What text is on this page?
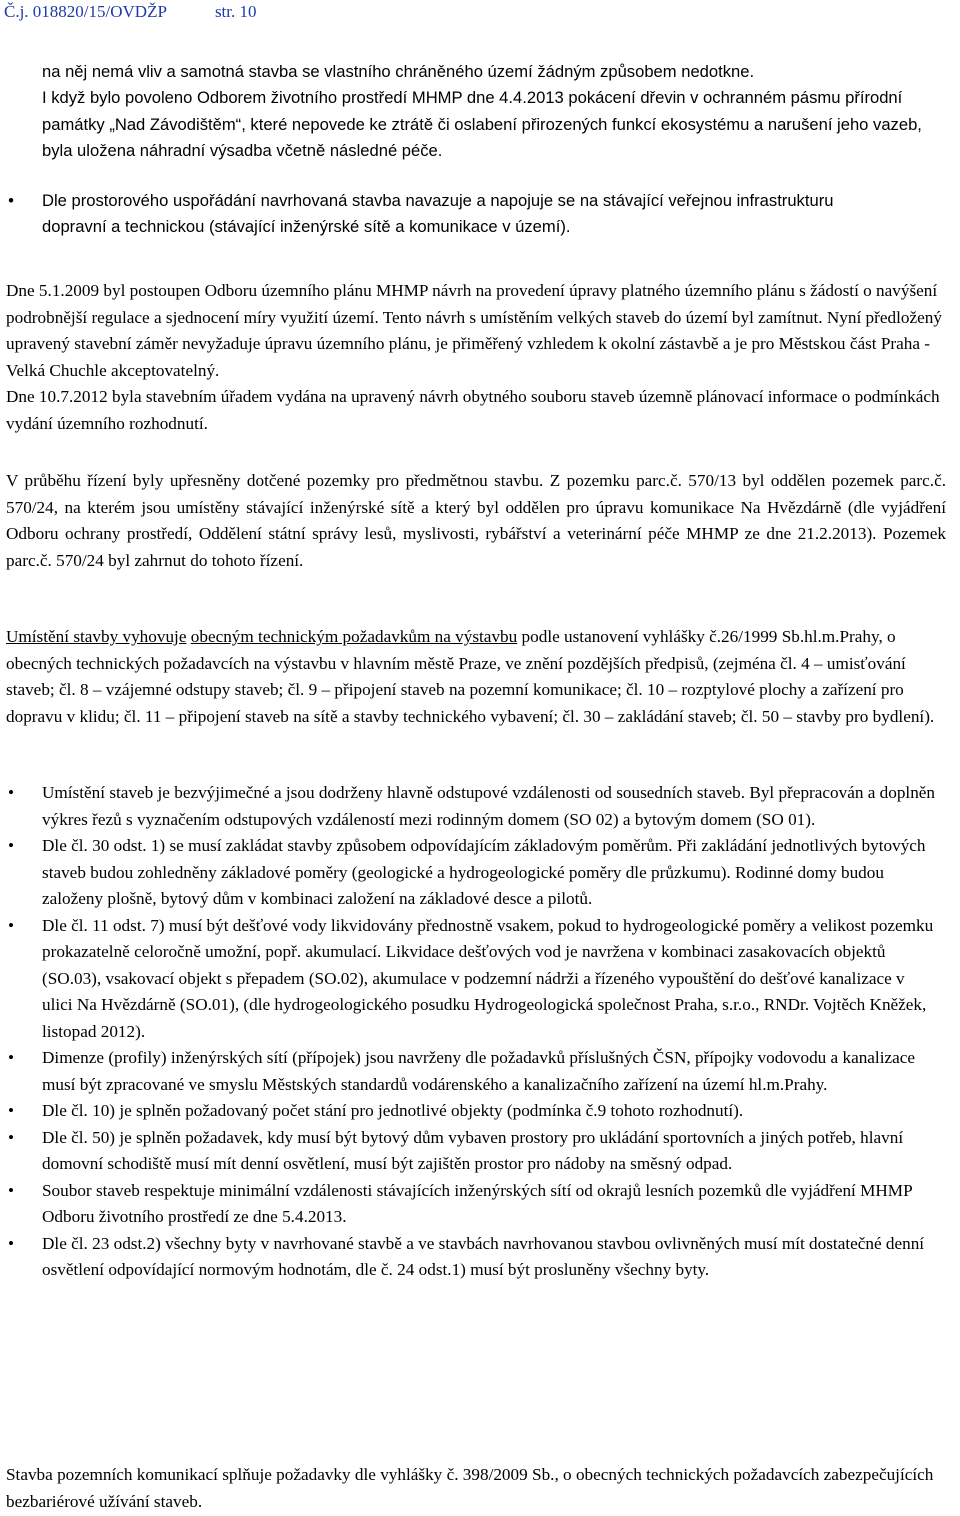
Č.j. 018820/15/OVDŽP	str. 10

na něj nemá vliv a samotná stavba se vlastního chráněného území žádným způsobem nedotkne.

I když bylo povoleno Odborem životního prostředí MHMP dne 4.4.2013 pokácení dřevin v ochranném pásmu přírodní památky „Nad Závodištěm“, které nepovede ke ztrátě či oslabení přirozených funkcí ekosystému a narušení jeho vazeb, byla uložena náhradní výsadba včetně následné péče.

• Dle prostorového uspořádání navrhovaná stavba navazuje a napojuje se na stávající veřejnou infrastrukturu dopravní a technickou (stávající inženýrské sítě a komunikace v území).

Dne 5.1.2009 byl postoupen Odboru územního plánu MHMP návrh na provedení úpravy platného územního plánu s žádostí o navýšení podrobnější regulace a sjednocení míry využití území. Tento návrh s umístěním velkých staveb do území byl zamítnut. Nyní předložený upravený stavební záměr nevyžaduje úpravu územního plánu, je přiměřený vzhledem k okolní zástavbě a je pro Městskou část Praha - Velká Chuchle akceptovatelný.

Dne 10.7.2012 byla stavebním úřadem vydána na upravený návrh obytného souboru staveb územně plánovací informace o podmínkách vydání územního rozhodnutí.

V průběhu řízení byly upřesněny dotčené pozemky pro předmětnou stavbu. Z pozemku parc.č. 570/13 byl oddělen pozemek parc.č. 570/24, na kterém jsou umístěny stávající inženýrské sítě a který byl oddělen pro úpravu komunikace Na Hvězdárně (dle vyjádření Odboru ochrany prostředí, Oddělení státní správy lesů, myslivosti, rybářství a veterinární péče MHMP ze dne 21.2.2013). Pozemek parc.č. 570/24 byl zahrnut do tohoto řízení.

Umístění stavby vyhovuje obecným technickým požadavkům na výstavbu podle ustanovení vyhlášky č.26/1999 Sb.hl.m.Prahy, o obecných technických požadavcích na výstavbu v hlavním městě Praze, ve znění pozdějších předpisů, (zejména čl. 4 – umisťování staveb; čl. 8 – vzájemné odstupy staveb; čl. 9 – připojení staveb na pozemní komunikace; čl. 10 – rozptylové plochy a zařízení pro dopravu v klidu; čl. 11 – připojení staveb na sítě a stavby technického vybavení; čl. 30 – zakládání staveb; čl. 50 – stavby pro bydlení).

• Umístění staveb je bezvýjimečné a jsou dodrženy hlavně odstupové vzdálenosti od sousedních staveb. Byl přepracován a doplněn výkres řezů s vyznačením odstupových vzdáleností mezi rodinným domem (SO 02) a bytovým domem (SO 01).
• Dle čl. 30 odst. 1) se musí zakládat stavby způsobem odpovídajícím základovým poměrům. Při zakládání jednotlivých bytových staveb budou zohledněny základové poměry (geologické a hydrogeologické poměry dle průzkumu). Rodinné domy budou založeny plošně, bytový dům v kombinaci založení na základové desce a pilotů.
• Dle čl. 11 odst. 7) musí být dešťové vody likvidovány přednostně vsakem, pokud to hydrogeologické poměry a velikost pozemku prokazatelně celoročně umožní, popř. akumulací. Likvidace dešťových vod je navržena v kombinaci zasakovacích objektů (SO.03), vsakovací objekt s přepadem (SO.02), akumulace v podzemní nádrži a řízeného vypouštění do dešťové kanalizace v ulici Na Hvězdárně (SO.01), (dle hydrogeologického posudku Hydrogeologická společnost Praha, s.r.o., RNDr. Vojtěch Kněžek, listopad 2012).
• Dimenze (profily) inženýrských sítí (přípojek) jsou navrženy dle požadavků příslušných ČSN, přípojky vodovodu a kanalizace musí být zpracované ve smyslu Městských standardů vodárenského a kanalizačního zařízení na území hl.m.Prahy.
• Dle čl. 10) je splněn požadovaný počet stání pro jednotlivé objekty (podmínka č.9 tohoto rozhodnutí).
• Dle čl. 50) je splněn požadavek, kdy musí být bytový dům vybaven prostory pro ukládání sportovních a jiných potřeb, hlavní domovní schodiště musí mít denní osvětlení, musí být zajištěn prostor pro nádoby na směsný odpad.
• Soubor staveb respektuje minimální vzdálenosti stávajících inženýrských sítí od okrajů lesních pozemků dle vyjádření MHMP Odboru životního prostředí ze dne 5.4.2013.
• Dle čl. 23 odst.2) všechny byty v navrhované stavbě a ve stavbách navrhovanou stavbou ovlivněných musí mít dostatečné denní osvětlení odpovídající normovým hodnotám, dle č. 24 odst.1) musí být prosluněny všechny byty.

Stavba pozemních komunikací splňuje požadavky dle vyhlášky č. 398/2009 Sb., o obecných technických požadavcích zabezpečujících bezbariérové užívání staveb.
